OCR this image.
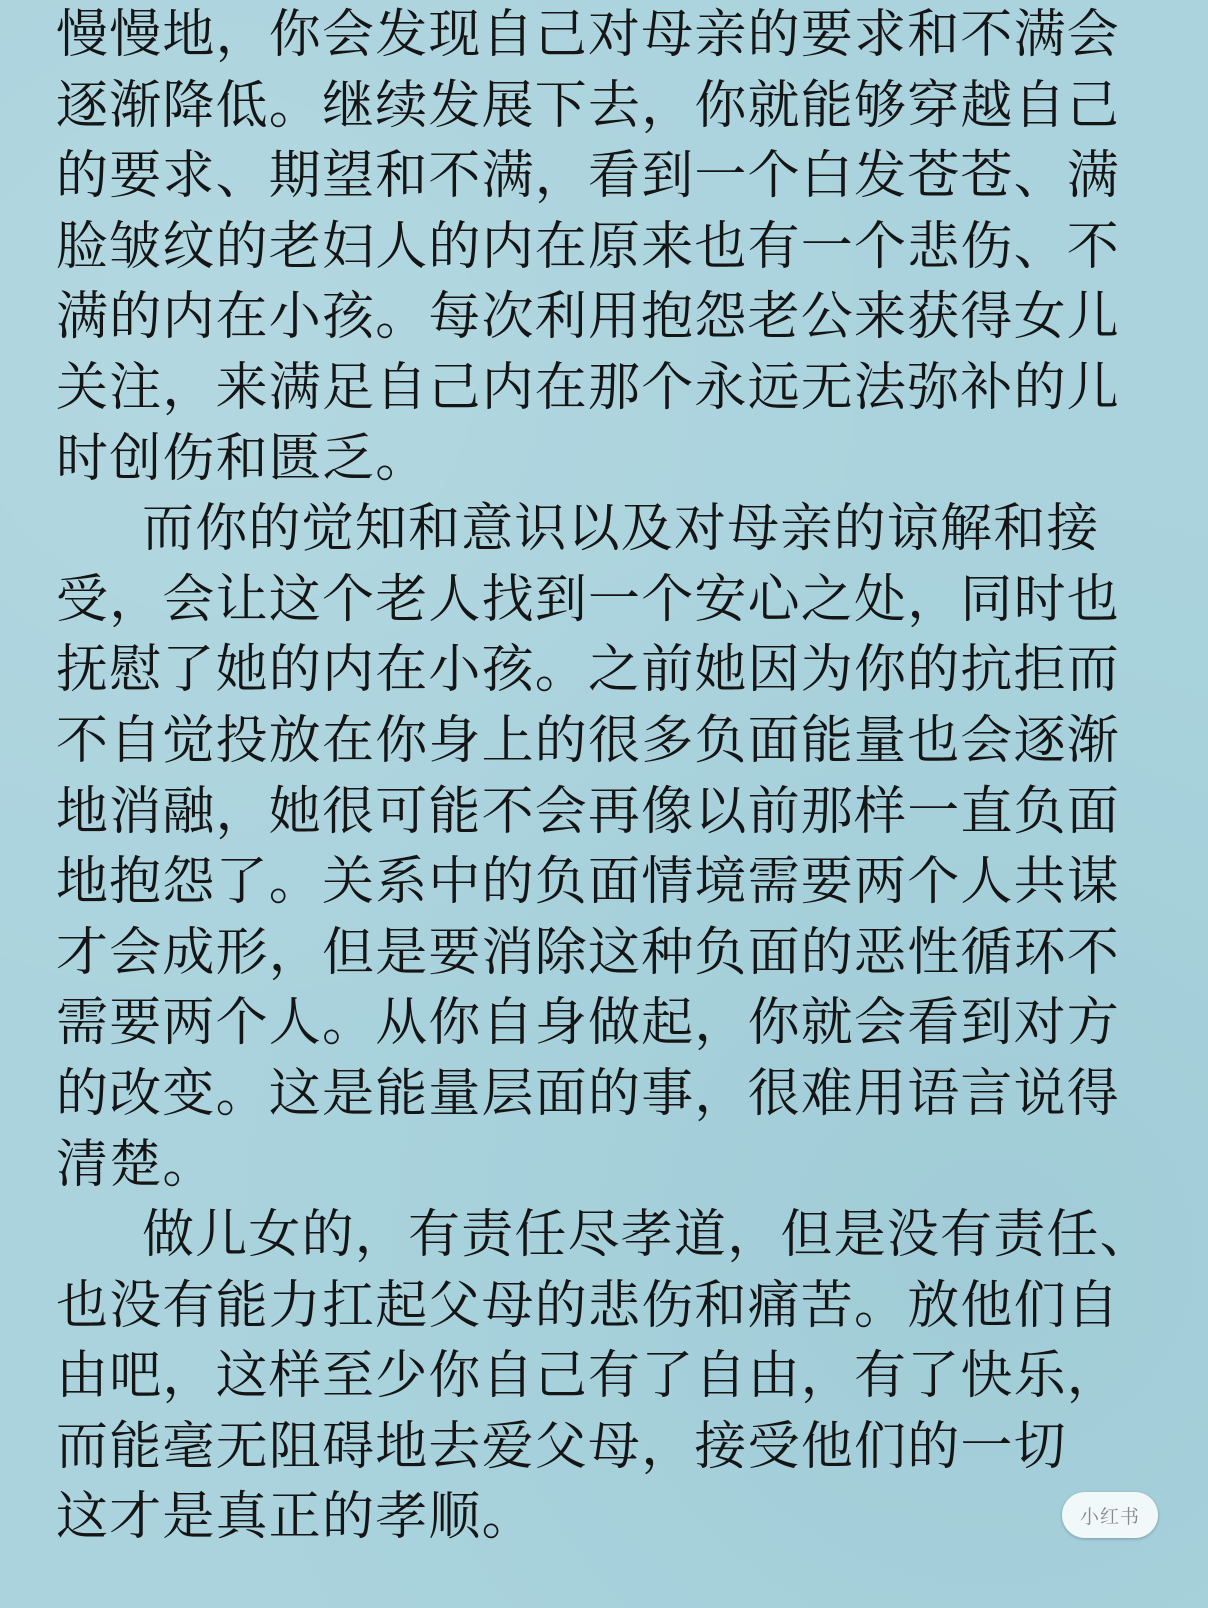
慢慢地，你会发现自己对母亲的要求和不满会
逐渐降低。继续发展下去，你就能够穿越自己
的要求、期望和不满，看到一个白发苍苍、满
脸皱纹的老妇人的内在原来也有一个悲伤、不
满的内在小孩。每次利用抱怨老公来获得女儿
关注，来满足自己内在那个永远无法弥补的儿
时创伤和匮乏。
而你的觉知和意识以及对母亲的谅解和接
受，会让这个老人找到一个安心之处，同时也
抚慰了她的内在小孩。之前她因为你的抗拒而
不自觉投放在你身上的很多负面能量也会逐渐
地消融，她很可能不会再像以前那样一直负面
地抱怨了。关系中的负面情境需要两个人共谋
才会成形，但是要消除这种负面的恶性循环不
需要两个人。从你自身做起，你就会看到对方
的改变。这是能量层面的事，很难用语言说得
清楚。
做儿女的，有责任尽孝道，但是没有责任、
也没有能力扛起父母的悲伤和痛苦。放他们自
由吧，这样至少你自己有了自由，有了快乐，
而能毫无阻碍地去爱父母，接受他们的一切
这才是真正的孝顺。	小红书
